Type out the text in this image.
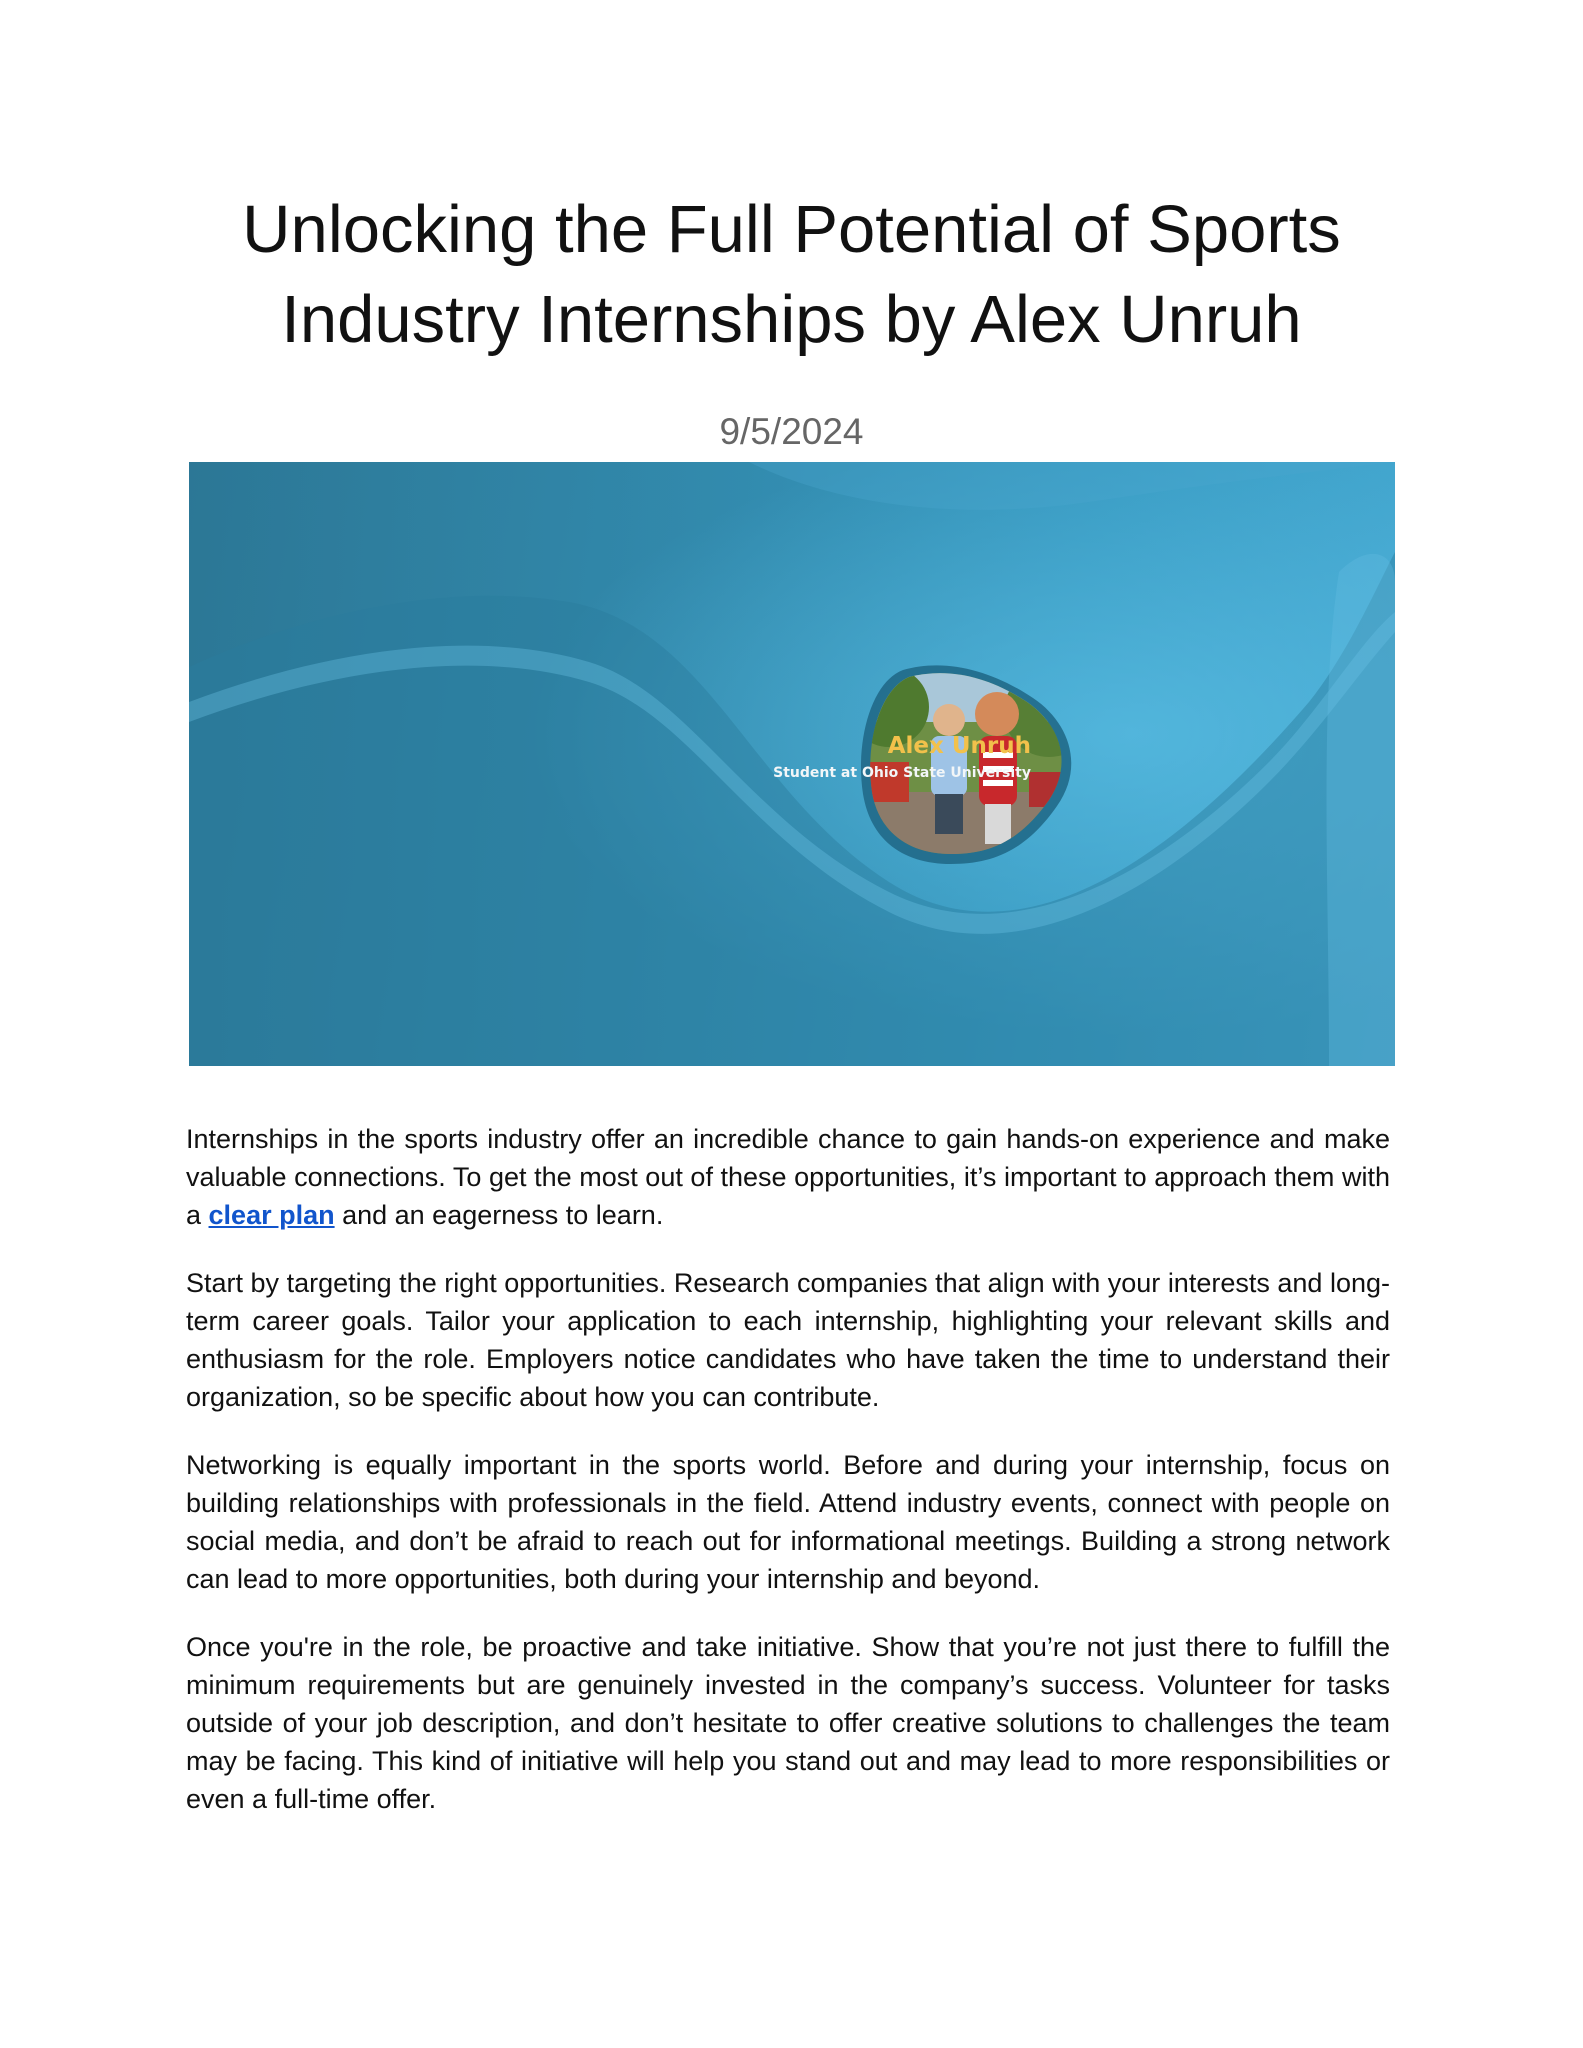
Unlocking the Full Potential of Sports
Industry Internships by Alex Unruh
9/5/2024
Alex Unruh
Student at Ohio State University

Internships in the sports industry offer an incredible chance to gain hands-on experience and make valuable connections. To get the most out of these opportunities, it’s important to approach them with a clear plan and an eagerness to learn.

Start by targeting the right opportunities. Research companies that align with your interests and long-term career goals. Tailor your application to each internship, highlighting your relevant skills and enthusiasm for the role. Employers notice candidates who have taken the time to understand their organization, so be specific about how you can contribute.

Networking is equally important in the sports world. Before and during your internship, focus on building relationships with professionals in the field. Attend industry events, connect with people on social media, and don’t be afraid to reach out for informational meetings. Building a strong network can lead to more opportunities, both during your internship and beyond.

Once you're in the role, be proactive and take initiative. Show that you’re not just there to fulfill the minimum requirements but are genuinely invested in the company’s success. Volunteer for tasks outside of your job description, and don’t hesitate to offer creative solutions to challenges the team may be facing. This kind of initiative will help you stand out and may lead to more responsibilities or even a full-time offer.
